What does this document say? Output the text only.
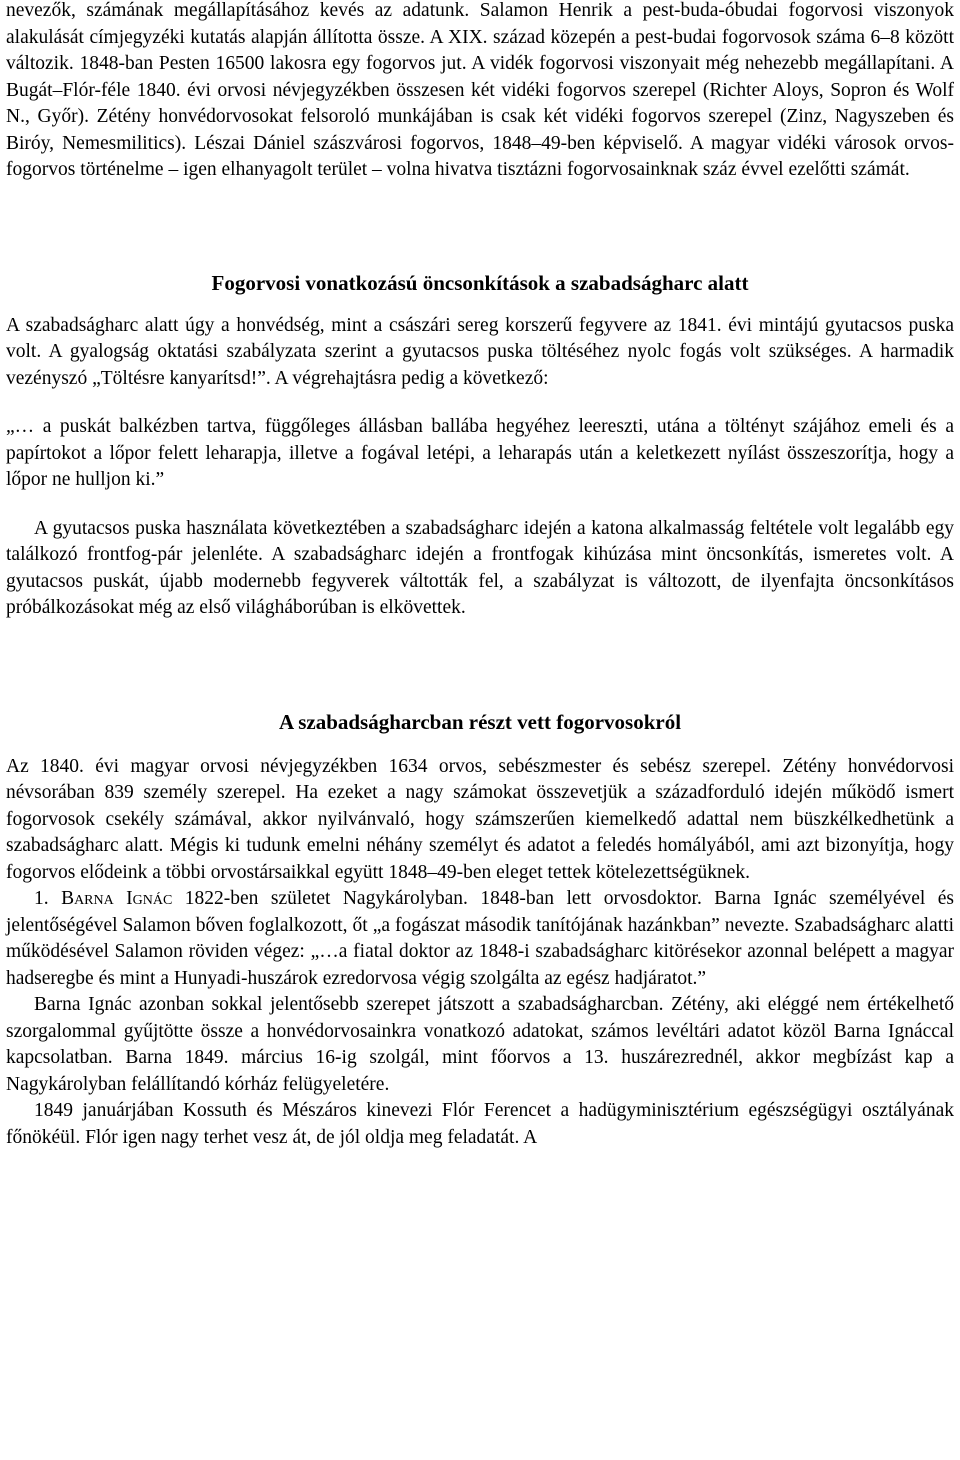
nevezők, számának megállapításához kevés az adatunk. Salamon Henrik a pest-buda-óbudai fogorvosi viszonyok alakulását címjegyzéki kutatás alapján állította össze. A XIX. század közepén a pest-budai fogorvosok száma 6–8 között változik. 1848-ban Pesten 16500 lakosra egy fogorvos jut. A vidék fogorvosi viszonyait még nehezebb megállapítani. A Bugát–Flór-féle 1840. évi orvosi névjegyzékben összesen két vidéki fogorvos szerepel (Richter Aloys, Sopron és Wolf N., Győr). Zétény honvédorvosokat felsoroló munkájában is csak két vidéki fogorvos szerepel (Zinz, Nagyszeben és Biróy, Nemesmilitics). Lészai Dániel szászvárosi fogorvos, 1848–49-ben képviselő. A magyar vidéki városok orvos-fogorvos történelme – igen elhanyagolt terület – volna hivatva tisztázni fogorvosainknak száz évvel ezelőtti számát.

Fogorvosi vonatkozású öncsonkítások a szabadságharc alatt

A szabadságharc alatt úgy a honvédség, mint a császári sereg korszerű fegyvere az 1841. évi mintájú gyutacsos puska volt. A gyalogság oktatási szabályzata szerint a gyutacsos puska töltéséhez nyolc fogás volt szükséges. A harmadik vezényszó „Töltésre kanyarítsd!”. A végrehajtásra pedig a következő:

„… a puskát balkézben tartva, függőleges állásban ballába hegyéhez leereszti, utána a töltényt szájához emeli és a papírtokot a lőpor felett leharapja, illetve a fogával letépi, a leharapás után a keletkezett nyílást összeszorítja, hogy a lőpor ne hulljon ki.”

A gyutacsos puska használata következtében a szabadságharc idején a katona alkalmasság feltétele volt legalább egy találkozó frontfog-pár jelenléte. A szabadságharc idején a frontfogak kihúzása mint öncsonkítás, ismeretes volt. A gyutacsos puskát, újabb modernebb fegyverek váltották fel, a szabályzat is változott, de ilyenfajta öncsonkításos próbálkozásokat még az első világháborúban is elkövettek.

A szabadságharcban részt vett fogorvosokról

Az 1840. évi magyar orvosi névjegyzékben 1634 orvos, sebészmester és sebész szerepel. Zétény honvédorvosi névsorában 839 személy szerepel. Ha ezeket a nagy számokat összevetjük a századforduló idején működő ismert fogorvosok csekély számával, akkor nyilvánvaló, hogy számszerűen kiemelkedő adattal nem büszkélkedhetünk a szabadságharc alatt. Mégis ki tudunk emelni néhány személyt és adatot a feledés homályából, ami azt bizonyítja, hogy fogorvos elődeink a többi orvostársaikkal együtt 1848–49-ben eleget tettek kötelezettségüknek.

1. Barna Ignác 1822-ben születet Nagykárolyban. 1848-ban lett orvosdoktor. Barna Ignác személyével és jelentőségével Salamon bőven foglalkozott, őt „a fogászat második tanítójának hazánkban” nevezte. Szabadságharc alatti működésével Salamon röviden végez: „…a fiatal doktor az 1848-i szabadságharc kitörésekor azonnal belépett a magyar hadseregbe és mint a Hunyadi-huszárok ezredorvosa végig szolgálta az egész hadjáratot.”

Barna Ignác azonban sokkal jelentősebb szerepet játszott a szabadságharcban. Zétény, aki eléggé nem értékelhető szorgalommal gyűjtötte össze a honvédorvosainkra vonatkozó adatokat, számos levéltári adatot közöl Barna Ignáccal kapcsolatban. Barna 1849. március 16-ig szolgál, mint főorvos a 13. huszárezrednél, akkor megbízást kap a Nagykárolyban felállítandó kórház felügyeletére.

1849 januárjában Kossuth és Mészáros kinevezi Flór Ferencet a hadügyminisztérium egészségügyi osztályának főnökéül. Flór igen nagy terhet vesz át, de jól oldja meg feladatát. A
